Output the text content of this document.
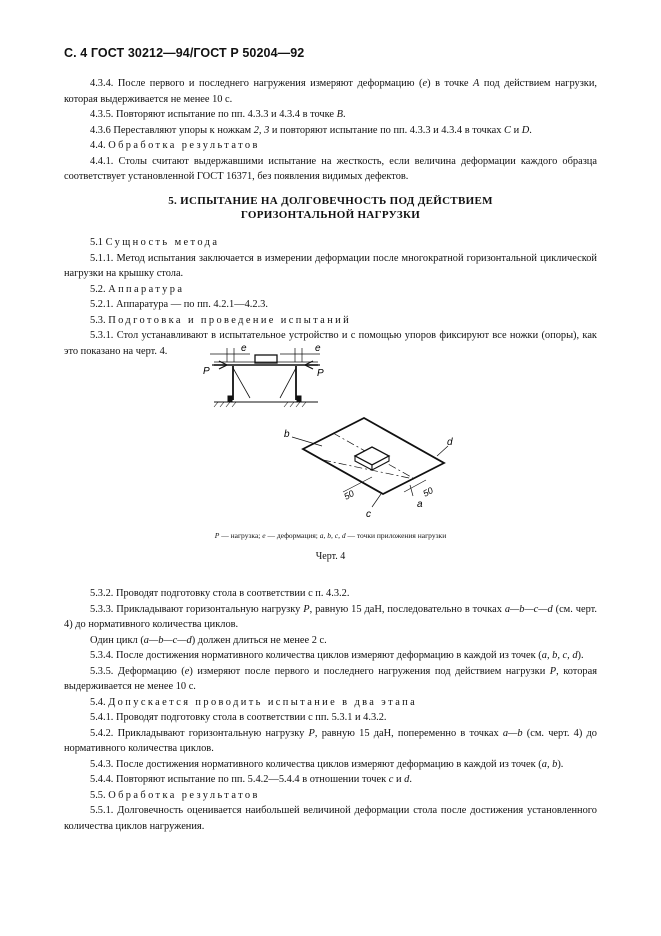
С. 4 ГОСТ 30212—94/ГОСТ Р 50204—92

4.3.4. После первого и последнего нагружения измеряют деформацию (e) в точке A под действием нагрузки, которая выдерживается не менее 10 с.

4.3.5. Повторяют испытание по пп. 4.3.3 и 4.3.4 в точке B.

4.3.6 Переставляют упоры к ножкам 2, 3 и повторяют испытание по пп. 4.3.3 и 4.3.4 в точках C и D.

4.4. Обработка результатов

4.4.1. Столы считают выдержавшими испытание на жесткость, если величина деформации каждого образца соответствует установленной ГОСТ 16371, без появления видимых дефектов.

5. ИСПЫТАНИЕ НА ДОЛГОВЕЧНОСТЬ ПОД ДЕЙСТВИЕМ

ГОРИЗОНТАЛЬНОЙ НАГРУЗКИ

5.1 Сущность метода

5.1.1. Метод испытания заключается в измерении деформации после многократной горизонтальной циклической нагрузки на крышку стола.

5.2. Аппаратура

5.2.1. Аппаратура — по пп. 4.2.1—4.2.3.

5.3. Подготовка и проведение испытаний

5.3.1. Стол устанавливают в испытательное устройство и с помощью упоров фиксируют все ножки (опоры), как это показано на черт. 4.	e	e
P	P
b
d
a
c
50	50
P — нагрузка; e — деформация; a, b, c, d — точки приложения нагрузки
Черт. 4

5.3.2. Проводят подготовку стола в соответствии с п. 4.3.2.

5.3.3. Прикладывают горизонтальную нагрузку P, равную 15 даН, последовательно в точках a—b—c—d (см. черт. 4) до нормативного количества циклов.

Один цикл (a—b—c—d) должен длиться не менее 2 с.

5.3.4. После достижения нормативного количества циклов измеряют деформацию в каждой из точек (a, b, c, d).

5.3.5. Деформацию (e) измеряют после первого и последнего нагружения под действием нагрузки P, которая выдерживается не менее 10 с.

5.4. Допускается проводить испытание в два этапа

5.4.1. Проводят подготовку стола в соответствии с пп. 5.3.1 и 4.3.2.

5.4.2. Прикладывают горизонтальную нагрузку P, равную 15 даН, попеременно в точках a—b (см. черт. 4) до нормативного количества циклов.

5.4.3. После достижения нормативного количества циклов измеряют деформацию в каждой из точек (a, b).

5.4.4. Повторяют испытание по пп. 5.4.2—5.4.4 в отношении точек c и d.

5.5. Обработка результатов

5.5.1. Долговечность оценивается наибольшей величиной деформации стола после достижения установленного количества циклов нагружения.
